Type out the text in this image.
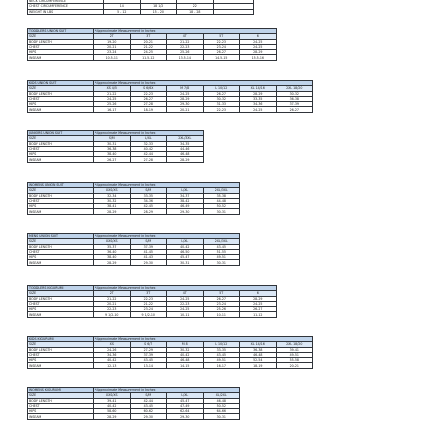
NECK CIRCUMFERENCE				
CHEST CIRCUMFERENCE	14	18 1/2	22	
WEIGHT IN LBS	5 - 12	15 - 20	18 - 28	
TODDLERS UNION SUIT	*Approximate Measurement in Inches				
SIZE	2T	3T	4T	5T	6
BODY LENGTH	19-20	20-21	21-22	22-23	24-25
CHEST	20-21	21-22	22-23	23-24	24-25
HIPS	23-24	24-25	25-26	26-27	28-29
INSEAM	10.5-11	11.5-12	13.5-14	14.5-15	15.5-16
KIDS UNION SUIT	*Approximate Measurement in Inches					
SIZE	XS 4/5	S 6/6X	M 7/8	L 10/12	XL 14/16	2XL 18/20
BODY LENGTH	21-22	22-23	24-25	26-27	28-29	30-32
CHEST	24-25	26-27	28-29	30-32	33-35	36-38
HIPS	25-26	27-28	29-30	31-33	34-36	37-39
INSEAM	16-17	18-19	20-21	22-23	24-25	26-27
JUNIORS UNION SUIT	*Approximate Measurement in Inches		
SIZE	S/M	L/XL	2XL/3XL
BODY LENGTH	30-31	32-33	34-35
CHEST	36-38	40-42	44-46
HIPS	38-40	42-44	46-48
INSEAM	26-27	27-28	28-29
WOMENS UNION SUIT	*Approximate Measurement in Inches			
SIZE	XXS/XS	S/M	L/XL	2XL/3XL
BODY LENGTH	32-34	33-35	34-37	35-38
CHEST	30-32	34-36	38-42	44-48
HIPS	38-41	42-45	46-49	50-52
INSEAM	28-29	28-29	29-30	30-31
MENS UNION SUIT	*Approximate Measurement in Inches			
SIZE	XXS/XS	S/M	L/XL	2XL/3XL
BODY LENGTH	35-37	37-39	40-42	43-45
CHEST	36-40	41-45	46-50	51-55
HIPS	38-40	41-43	45-47	49-51
INSEAM	28-29	29-30	30-31	30-31
TODDLERS KIGURUMI	*Approximate Measurement in Inches				
SIZE	2T	3T	4T	5T	6
BODY LENGTH	21-22	22-23	24-25	26-27	28-29
CHEST	20-21	21-22	22-23	23-24	24-25
HIPS	22-23	23-24	24-25	25-26	26-27
INSEAM	9 1/2-10	9 1/2-10	10-11	10-11	11-12
KIDS KIGURUMI	*Approximate Measurement in Inches					
SIZE	XS	S 6/7	M 8	L 10/12	XL 14/16	2XL 18/20
BODY LENGTH	24-26	27-29	30-32	33-35	36-38	39-41
CHEST	34-36	37-39	40-42	43-45	46-48	49-51
HIPS	40-42	43-45	46-48	49-51	52-54	55-58
INSEAM	12-13	13-14	14-15	16-17	18-19	20-21
WOMENS KIGURUMI	*Approximate Measurement in Inches			
SIZE	XXS/XS	S/M	L/XL	XL/2XL
BODY LENGTH	39-41	42-44	45-47	46-48
CHEST	40-42	43-45	47-49	50-52
HIPS	58-60	60-62	62-64	64-66
INSEAM	28-29	29-30	29-30	30-31
